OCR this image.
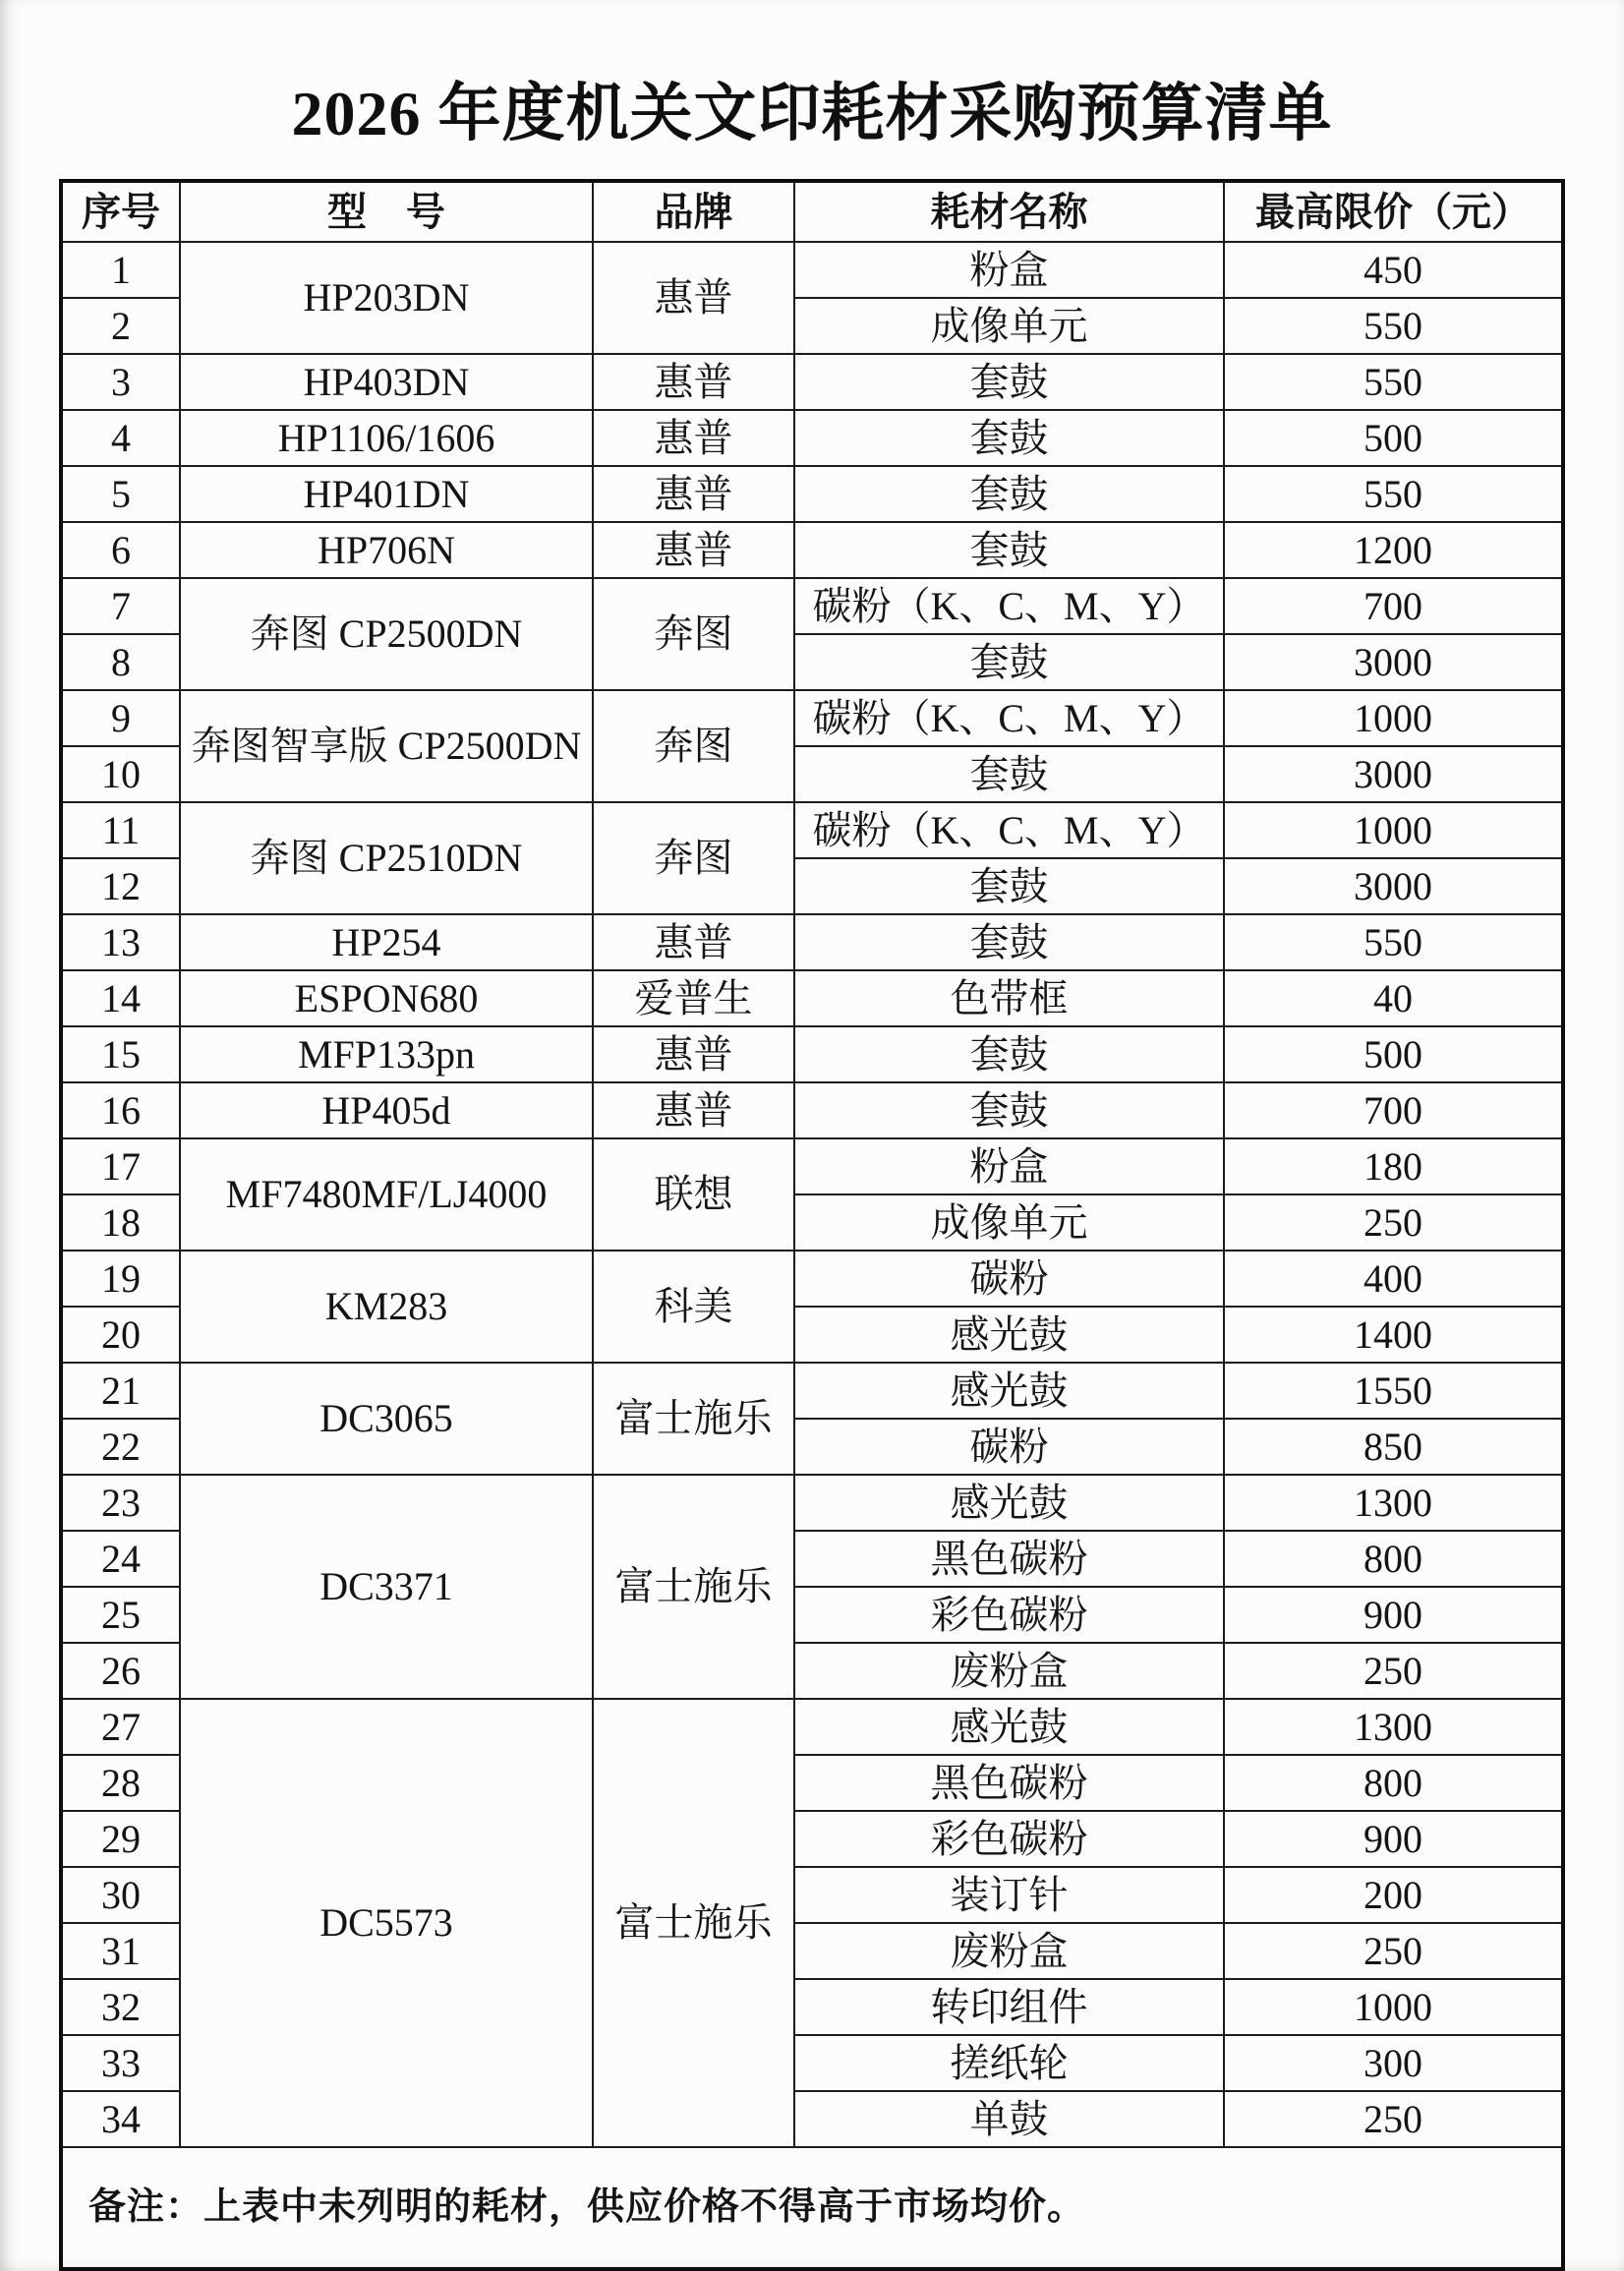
2026 年度机关文印耗材采购预算清单
序号	型　号	品牌	耗材名称	最高限价（元）
1	HP203DN	惠普	粉盒	450
2			成像单元	550
3	HP403DN	惠普	套鼓	550
4	HP1106/1606	惠普	套鼓	500
5	HP401DN	惠普	套鼓	550
6	HP706N	惠普	套鼓	1200
7	奔图 CP2500DN	奔图	碳粉（K、C、M、Y）	700
8			套鼓	3000
9	奔图智享版 CP2500DN	奔图	碳粉（K、C、M、Y）	1000
10			套鼓	3000
11	奔图 CP2510DN	奔图	碳粉（K、C、M、Y）	1000
12			套鼓	3000
13	HP254	惠普	套鼓	550
14	ESPON680	爱普生	色带框	40
15	MFP133pn	惠普	套鼓	500
16	HP405d	惠普	套鼓	700
17	MF7480MF/LJ4000	联想	粉盒	180
18			成像单元	250
19	KM283	科美	碳粉	400
20			感光鼓	1400
21	DC3065	富士施乐	感光鼓	1550
22			碳粉	850
23	DC3371	富士施乐	感光鼓	1300
24			黑色碳粉	800
25			彩色碳粉	900
26			废粉盒	250
27	DC5573	富士施乐	感光鼓	1300
28			黑色碳粉	800
29			彩色碳粉	900
30			装订针	200
31			废粉盒	250
32			转印组件	1000
33			搓纸轮	300
34			单鼓	250
备注：上表中未列明的耗材，供应价格不得高于市场均价。				
